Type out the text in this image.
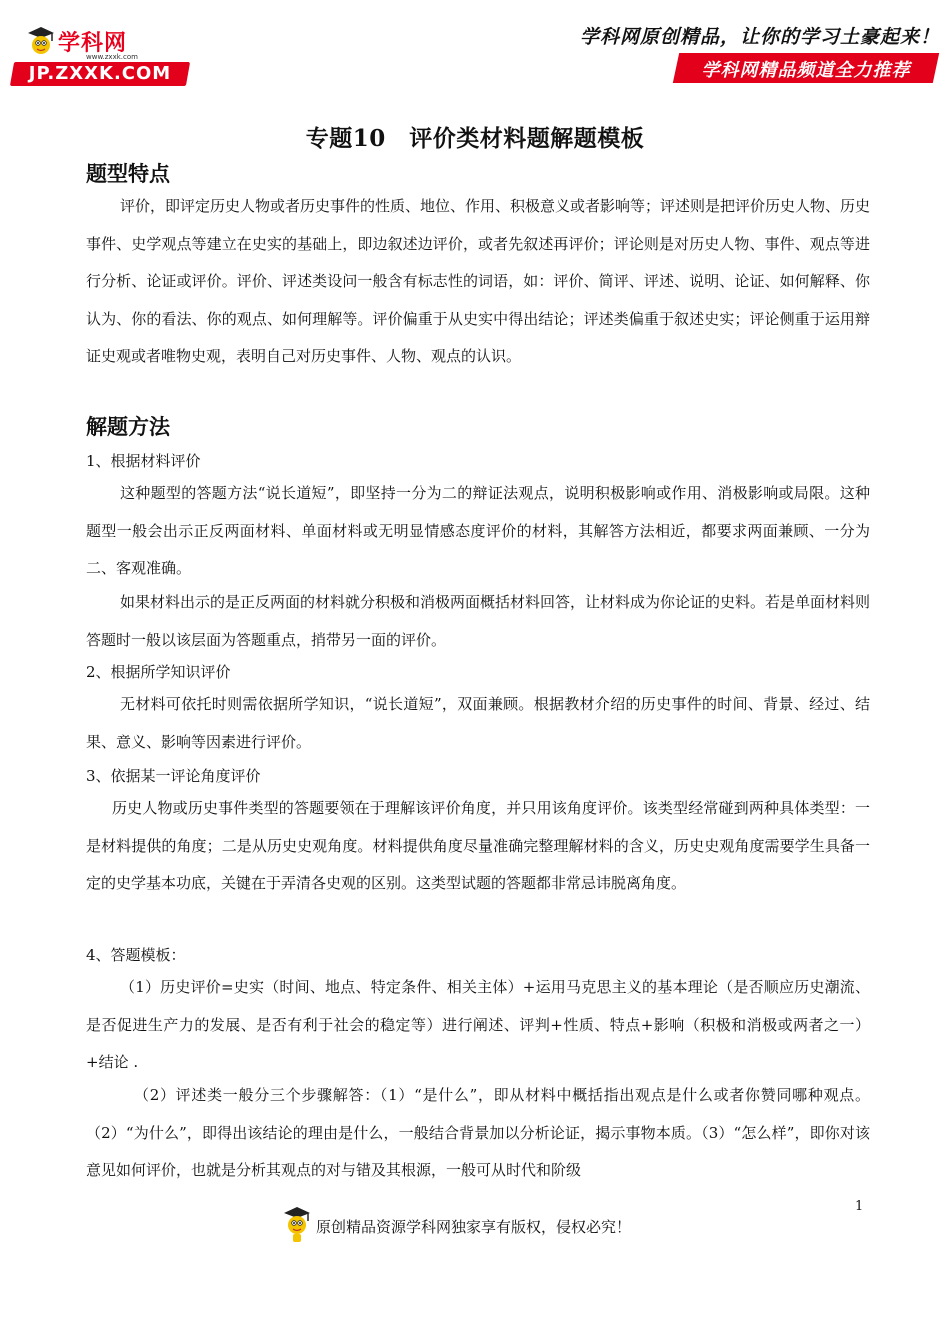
学科网
www.zxxk.com
JP.ZXXK.COM
学科网原创精品，让你的学习土豪起来！
学科网精品频道全力推荐
专题10　评价类材料题解题模板
题型特点
评价，即评定历史人物或者历史事件的性质、地位、作用、积极意义或者影响等；评述则是把评价历史人物、历史事件、史学观点等建立在史实的基础上，即边叙述边评价，或者先叙述再评价；评论则是对历史人物、事件、观点等进行分析、论证或评价。评价、评述类设问一般含有标志性的词语，如：评价、简评、评述、说明、论证、如何解释、你认为、你的看法、你的观点、如何理解等。评价偏重于从史实中得出结论；评述类偏重于叙述史实；评论侧重于运用辩证史观或者唯物史观，表明自己对历史事件、人物、观点的认识。
解题方法
1、根据材料评价
这种题型的答题方法“说长道短”，即坚持一分为二的辩证法观点，说明积极影响或作用、消极影响或局限。这种题型一般会出示正反两面材料、单面材料或无明显情感态度评价的材料，其解答方法相近，都要求两面兼顾、一分为二、客观准确。
如果材料出示的是正反两面的材料就分积极和消极两面概括材料回答，让材料成为你论证的史料。若是单面材料则答题时一般以该层面为答题重点，捎带另一面的评价。
2、根据所学知识评价
无材料可依托时则需依据所学知识，“说长道短”，双面兼顾。根据教材介绍的历史事件的时间、背景、经过、结果、意义、影响等因素进行评价。
3、依据某一评论角度评价
历史人物或历史事件类型的答题要领在于理解该评价角度，并只用该角度评价。该类型经常碰到两种具体类型：一是材料提供的角度；二是从历史史观角度。材料提供角度尽量准确完整理解材料的含义，历史史观角度需要学生具备一定的史学基本功底，关键在于弄清各史观的区别。这类型试题的答题都非常忌讳脱离角度。
4、答题模板：
（1）历史评价=史实（时间、地点、特定条件、相关主体）+运用马克思主义的基本理论（是否顺应历史潮流、是否促进生产力的发展、是否有利于社会的稳定等）进行阐述、评判+性质、特点+影响（积极和消极或两者之一）+结论 .
（2）评述类一般分三个步骤解答：（1）“是什么”，即从材料中概括指出观点是什么或者你赞同哪种观点。（2）“为什么”，即得出该结论的理由是什么，一般结合背景加以分析论证，揭示事物本质。（3）“怎么样”，即你对该意见如何评价，也就是分析其观点的对与错及其根源，一般可从时代和阶级
1
原创精品资源学科网独家享有版权，侵权必究！
